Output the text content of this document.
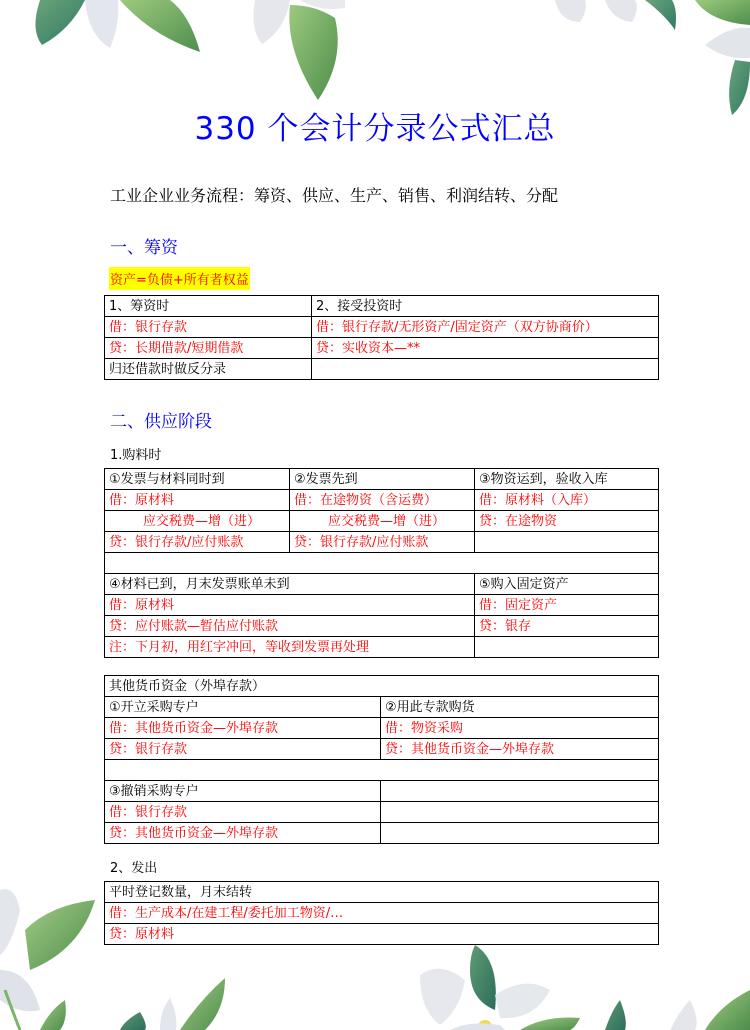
330 个会计分录公式汇总
工业企业业务流程：筹资、供应、生产、销售、利润结转、分配
一、筹资
资产=负债+所有者权益
1、筹资时	2、接受投资时
借：银行存款	借：银行存款/无形资产/固定资产（双方协商价）
贷：长期借款/短期借款	贷：实收资本—**
归还借款时做反分录	
二、供应阶段
1.购料时
①发票与材料同时到	②发票先到	③物资运到，验收入库
借：原材料	借：在途物资（含运费）	借：原材料（入库）
应交税费—增（进）	应交税费—增（进）	贷：在途物资
贷：银行存款/应付账款	贷：银行存款/应付账款	

④材料已到，月末发票账单未到		⑤购入固定资产
借：原材料		借：固定资产
贷：应付账款—暂估应付账款		贷：银存
注：下月初，用红字冲回，等收到发票再处理		
其他货币资金（外埠存款）	
①开立采购专户	②用此专款购货
借：其他货币资金—外埠存款	借：物资采购
贷：银行存款	贷：其他货币资金—外埠存款

③撤销采购专户	
借：银行存款	
贷：其他货币资金—外埠存款	
2、发出
平时登记数量，月末结转
借：生产成本/在建工程/委托加工物资/…
贷：原材料
